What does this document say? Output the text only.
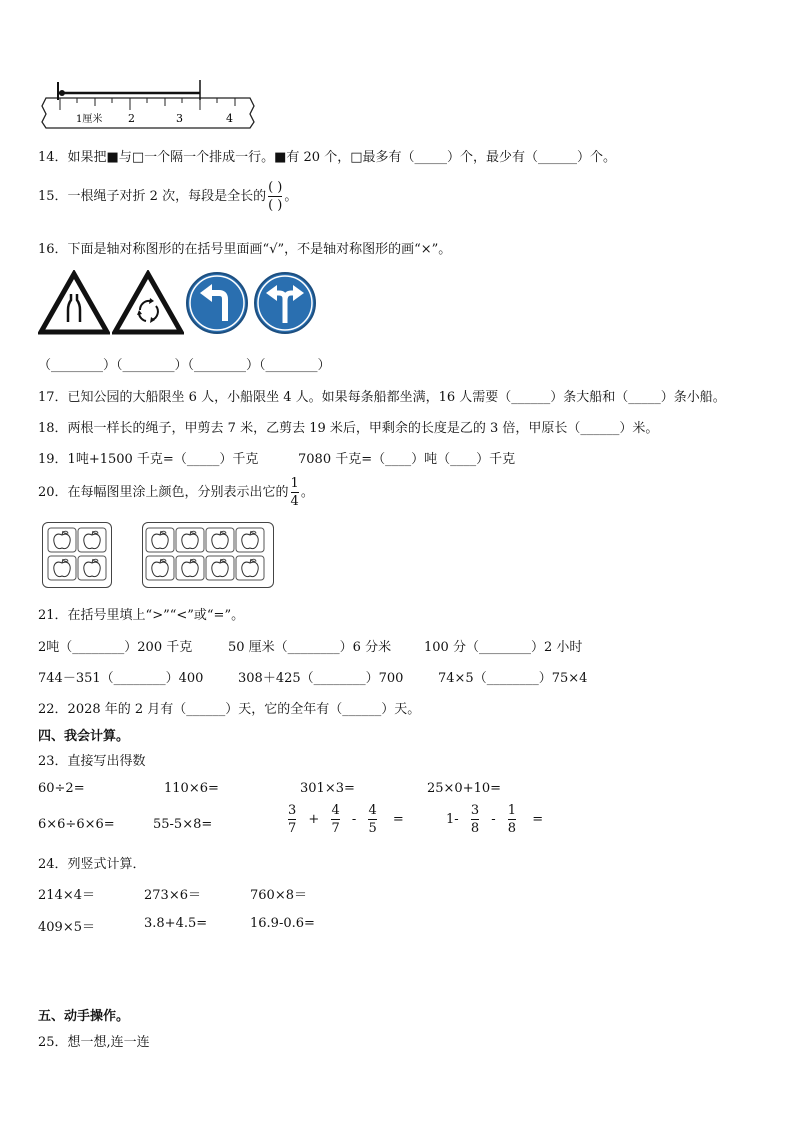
1厘米 2	3	4
14．如果把■与□一个隔一个排成一行。■有 20 个，□最多有（_____）个，最少有（______）个。
15．一根绳子对折 2 次，每段是全长的 $\frac{( )}{( )}$ 。
16．下面是轴对称图形的在括号里面画“√”，不是轴对称图形的画“×”。
（________）（________）（________）（________）
17．已知公园的大船限坐 6 人，小船限坐 4 人。如果每条船都坐满，16 人需要（______）条大船和（_____）条小船。
18．两根一样长的绳子，甲剪去 7 米，乙剪去 19 米后，甲剩余的长度是乙的 3 倍，甲原长（______）米。
19．1吨+1500 千克=（_____）千克	7080 千克=（____）吨（____）千克
20．在每幅图里涂上颜色，分别表示出它的 $\frac{1}{4}$ 。
21．在括号里填上“>”“<”或“=”。
2吨（________）200 千克	50 厘米（________）6 分米	100 分（________）2 小时
744－351（________）400	308＋425（________）700	74×5（________）75×4
22．2028 年的 2 月有（______）天，它的全年有（______）天。
四、我会计算。
23．直接写出得数
60÷2=	110×6=	301×3=	25×0+10=
6×6÷6×6=	55-5×8=	$\frac{3}{7} + \frac{4}{7} - \frac{4}{5}$ =	$1- \frac{3}{8} - \frac{1}{8}$ =
24．列竖式计算．
214×4＝	273×6＝	760×8＝
409×5＝	3.8+4.5=	16.9-0.6=
五、动手操作。
25．想一想,连一连
